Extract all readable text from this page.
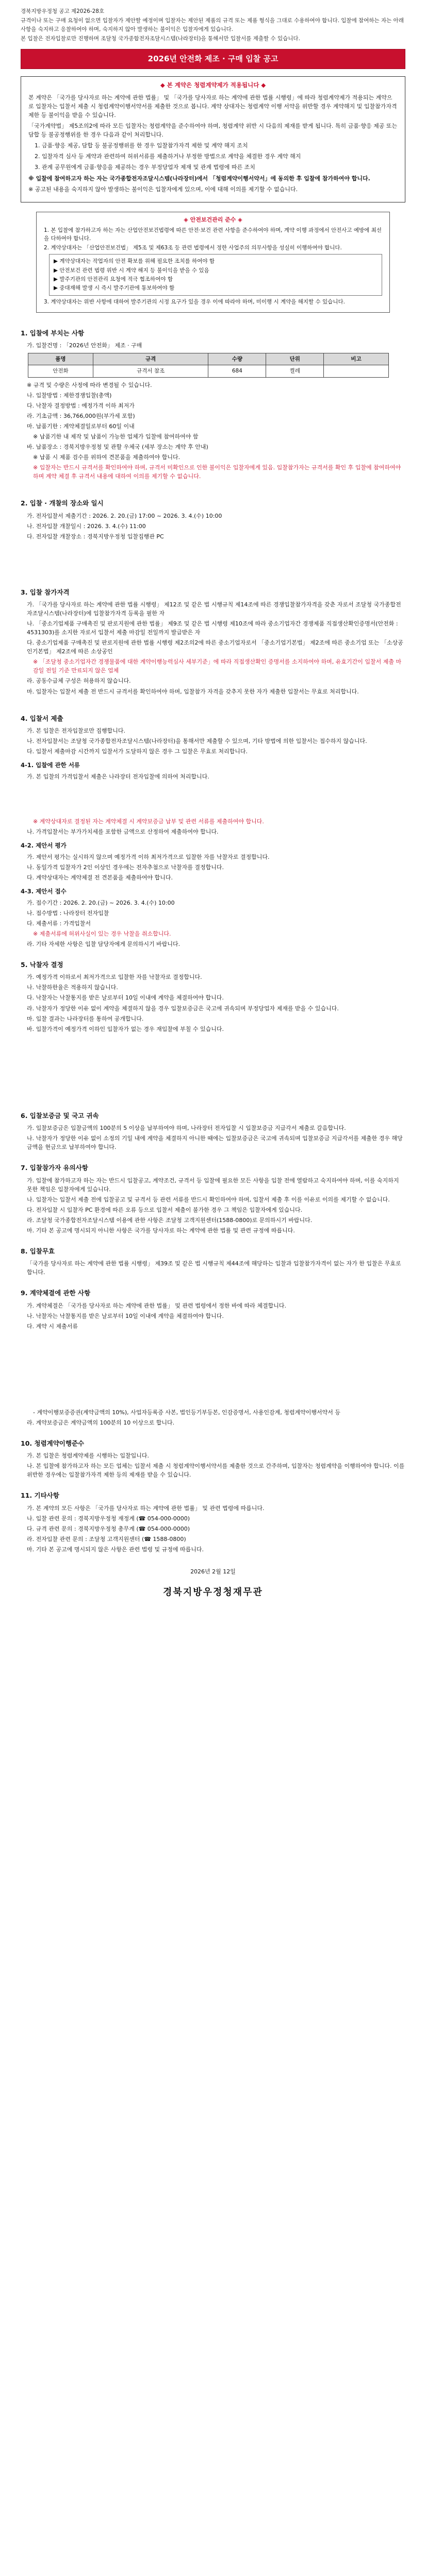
경북지방우정청 공고 제2026-28호

규격이나 또는 구매 요청이 없으면 입찰자가 제안할 예정이며 입찰자는 제안된 제품의 규격 또는 제품 형식을 그대로 수용하여야 합니다. 입찰에 참여하는 자는 아래 사항을 숙지하고 응찰하여야 하며, 숙지하지 않아 발생하는 불이익은 입찰자에게 있습니다.

본 입찰은 전자입찰로만 진행하며 조달청 국가종합전자조달시스템(나라장터)을 통해서만 입찰서를 제출할 수 있습니다.

2026년 안전화 제조 · 구매 입찰 공고
◆ 본 계약은 청렴계약제가 적용됩니다 ◆

본 계약은 「국가를 당사자로 하는 계약에 관한 법률」 및 「국가를 당사자로 하는 계약에 관한 법률 시행령」에 따라 청렴계약제가 적용되는 계약으로 입찰자는 입찰서 제출 시 청렴계약이행서약서를 제출한 것으로 봅니다. 계약 상대자는 청렴계약 이행 서약을 위반할 경우 계약해지 및 입찰참가자격 제한 등 불이익을 받을 수 있습니다.

「국가계약법」 제5조의2에 따라 모든 입찰자는 청렴계약을 준수하여야 하며, 청렴계약 위반 시 다음의 제재를 받게 됩니다. 특히 금품·향응 제공 또는 담합 등 불공정행위를 한 경우 다음과 같이 처리합니다.

1. 금품·향응 제공, 담합 등 불공정행위를 한 경우 입찰참가자격 제한 및 계약 해지 조치

2. 입찰자격 심사 등 계약과 관련하여 허위서류를 제출하거나 부정한 방법으로 계약을 체결한 경우 계약 해지

3. 관계 공무원에게 금품·향응을 제공하는 경우 부정당업자 제재 및 관계 법령에 따른 조치

※ 입찰에 참여하고자 하는 자는 국가종합전자조달시스템(나라장터)에서 「청렴계약이행서약서」에 동의한 후 입찰에 참가하여야 합니다.

※ 공고된 내용을 숙지하지 않아 발생하는 불이익은 입찰자에게 있으며, 이에 대해 이의를 제기할 수 없습니다.

◈ 안전보건관리 준수 ◈

1. 본 입찰에 참가하고자 하는 자는 산업안전보건법령에 따른 안전·보건 관련 사항을 준수하여야 하며, 계약 이행 과정에서 안전사고 예방에 최선을 다하여야 합니다.

2. 계약상대자는 「산업안전보건법」 제5조 및 제63조 등 관련 법령에서 정한 사업주의 의무사항을 성실히 이행하여야 합니다.

▶ 계약상대자는 작업자의 안전 확보를 위해 필요한 조치를 하여야 함

▶ 안전보건 관련 법령 위반 시 계약 해지 등 불이익을 받을 수 있음

▶ 발주기관의 안전관리 요청에 적극 협조하여야 함

▶ 중대재해 발생 시 즉시 발주기관에 통보하여야 함

3. 계약상대자는 위반 사항에 대하여 발주기관의 시정 요구가 있을 경우 이에 따라야 하며, 미이행 시 계약을 해지할 수 있습니다.

1. 입찰에 부치는 사항

가. 입찰건명 : 「2026년 안전화」 제조 · 구매

품명	규격	수량	단위	비고
안전화	규격서 참조	684	켤레	

※ 규격 및 수량은 사정에 따라 변경될 수 있습니다.

나. 입찰방법 : 제한경쟁입찰(총액)

다. 낙찰자 결정방법 : 예정가격 이하 최저가

라. 기초금액 : 36,766,000원(부가세 포함)

마. 납품기한 : 계약체결일로부터 60일 이내

※ 납품기한 내 제작 및 납품이 가능한 업체가 입찰에 참여하여야 함

바. 납품장소 : 경북지방우정청 및 관할 우체국 (세부 장소는 계약 후 안내)

※ 납품 시 제품 검수를 위하여 견본품을 제출하여야 합니다.

※ 입찰자는 반드시 규격서를 확인하여야 하며, 규격서 미확인으로 인한 불이익은 입찰자에게 있음. 입찰참가자는 규격서를 확인 후 입찰에 참여하여야 하며 계약 체결 후 규격서 내용에 대하여 이의를 제기할 수 없습니다.

2. 입찰 · 개찰의 장소와 일시

가. 전자입찰서 제출기간 : 2026. 2. 20.(금) 17:00 ~ 2026. 3. 4.(수) 10:00

나. 전자입찰 개찰일시 : 2026. 3. 4.(수) 11:00

다. 전자입찰 개찰장소 : 경북지방우정청 입찰집행관 PC

3. 입찰 참가자격

가. 「국가를 당사자로 하는 계약에 관한 법률 시행령」 제12조 및 같은 법 시행규칙 제14조에 따른 경쟁입찰참가자격을 갖춘 자로서 조달청 국가종합전자조달시스템(나라장터)에 입찰참가자격 등록을 필한 자

나. 「중소기업제품 구매촉진 및 판로지원에 관한 법률」 제9조 및 같은 법 시행령 제10조에 따라 중소기업자간 경쟁제품 직접생산확인증명서(안전화 : 4531303)를 소지한 자로서 입찰서 제출 마감일 전일까지 발급받은 자

다. 중소기업제품 구매촉진 및 판로지원에 관한 법률 시행령 제2조의2에 따른 중소기업자로서 「중소기업기본법」 제2조에 따른 중소기업 또는 「소상공인기본법」 제2조에 따른 소상공인

※ 「조달청 중소기업자간 경쟁물품에 대한 계약이행능력심사 세부기준」에 따라 직접생산확인 증명서를 소지하여야 하며, 유효기간이 입찰서 제출 마감일 전일 기준 만료되지 않은 업체

라. 공동수급체 구성은 허용하지 않습니다.

마. 입찰자는 입찰서 제출 전 반드시 규격서를 확인하여야 하며, 입찰참가 자격을 갖추지 못한 자가 제출한 입찰서는 무효로 처리합니다.

4. 입찰서 제출

가. 본 입찰은 전자입찰로만 집행합니다.

나. 전자입찰서는 조달청 국가종합전자조달시스템(나라장터)을 통해서만 제출할 수 있으며, 기타 방법에 의한 입찰서는 접수하지 않습니다.

다. 입찰서 제출마감 시간까지 입찰서가 도달하지 않은 경우 그 입찰은 무효로 처리합니다.

4-1. 입찰에 관한 서류

가. 본 입찰의 가격입찰서 제출은 나라장터 전자입찰에 의하여 처리합니다.

※ 계약상대자로 결정된 자는 계약체결 시 계약보증금 납부 및 관련 서류를 제출하여야 합니다.

나. 가격입찰서는 부가가치세를 포함한 금액으로 산정하여 제출하여야 합니다.

4-2. 제안서 평가

가. 제안서 평가는 실시하지 않으며 예정가격 이하 최저가격으로 입찰한 자를 낙찰자로 결정합니다.

나. 동일가격 입찰자가 2인 이상인 경우에는 전자추첨으로 낙찰자를 결정합니다.

다. 계약상대자는 계약체결 전 견본품을 제출하여야 합니다.

4-3. 제안서 접수

가. 접수기간 : 2026. 2. 20.(금) ~ 2026. 3. 4.(수) 10:00

나. 접수방법 : 나라장터 전자입찰

다. 제출서류 : 가격입찰서

※ 제출서류에 허위사실이 있는 경우 낙찰을 취소합니다.

라. 기타 자세한 사항은 입찰 담당자에게 문의하시기 바랍니다.

5. 낙찰자 결정

가. 예정가격 이하로서 최저가격으로 입찰한 자를 낙찰자로 결정합니다.

나. 낙찰하한율은 적용하지 않습니다.

다. 낙찰자는 낙찰통지를 받은 날로부터 10일 이내에 계약을 체결하여야 합니다.

라. 낙찰자가 정당한 이유 없이 계약을 체결하지 않을 경우 입찰보증금은 국고에 귀속되며 부정당업자 제재를 받을 수 있습니다.

마. 입찰 결과는 나라장터를 통하여 공개합니다.

바. 입찰가격이 예정가격 이하인 입찰자가 없는 경우 재입찰에 부칠 수 있습니다.

6. 입찰보증금 및 국고 귀속

가. 입찰보증금은 입찰금액의 100분의 5 이상을 납부하여야 하며, 나라장터 전자입찰 시 입찰보증금 지급각서 제출로 갈음합니다.

나. 낙찰자가 정당한 이유 없이 소정의 기일 내에 계약을 체결하지 아니한 때에는 입찰보증금은 국고에 귀속되며 입찰보증금 지급각서를 제출한 경우 해당 금액을 현금으로 납부하여야 합니다.

7. 입찰참가자 유의사항

가. 입찰에 참가하고자 하는 자는 반드시 입찰공고, 계약조건, 규격서 등 입찰에 필요한 모든 사항을 입찰 전에 열람하고 숙지하여야 하며, 이를 숙지하지 못한 책임은 입찰자에게 있습니다.

나. 입찰자는 입찰서 제출 전에 입찰공고 및 규격서 등 관련 서류를 반드시 확인하여야 하며, 입찰서 제출 후 이를 이유로 이의를 제기할 수 없습니다.

다. 전자입찰 시 입찰자 PC 환경에 따른 오류 등으로 입찰서 제출이 불가한 경우 그 책임은 입찰자에게 있습니다.

라. 조달청 국가종합전자조달시스템 이용에 관한 사항은 조달청 고객지원센터(1588-0800)로 문의하시기 바랍니다.

마. 기타 본 공고에 명시되지 아니한 사항은 국가를 당사자로 하는 계약에 관한 법률 및 관련 규정에 따릅니다.

8. 입찰무효

「국가를 당사자로 하는 계약에 관한 법률 시행령」 제39조 및 같은 법 시행규칙 제44조에 해당하는 입찰과 입찰참가자격이 없는 자가 한 입찰은 무효로 합니다.

9. 계약체결에 관한 사항

가. 계약체결은 「국가를 당사자로 하는 계약에 관한 법률」 및 관련 법령에서 정한 바에 따라 체결합니다.

나. 낙찰자는 낙찰통지를 받은 날로부터 10일 이내에 계약을 체결하여야 합니다.

다. 계약 시 제출서류

- 계약이행보증증권(계약금액의 10%), 사업자등록증 사본, 법인등기부등본, 인감증명서, 사용인감계, 청렴계약이행서약서 등

라. 계약보증금은 계약금액의 100분의 10 이상으로 합니다.

10. 청렴계약이행준수

가. 본 입찰은 청렴계약제를 시행하는 입찰입니다.

나. 본 입찰에 참가하고자 하는 모든 업체는 입찰서 제출 시 청렴계약이행서약서를 제출한 것으로 간주하며, 입찰자는 청렴계약을 이행하여야 합니다. 이를 위반한 경우에는 입찰참가자격 제한 등의 제재를 받을 수 있습니다.

11. 기타사항

가. 본 계약의 모든 사항은 「국가를 당사자로 하는 계약에 관한 법률」 및 관련 법령에 따릅니다.

나. 입찰 관련 문의 : 경북지방우정청 재정계 (☎ 054-000-0000)

다. 규격 관련 문의 : 경북지방우정청 총무계 (☎ 054-000-0000)

라. 전자입찰 관련 문의 : 조달청 고객지원센터 (☎ 1588-0800)

마. 기타 본 공고에 명시되지 않은 사항은 관련 법령 및 규정에 따릅니다.

2026년 2월 12일
경북지방우정청재무관
